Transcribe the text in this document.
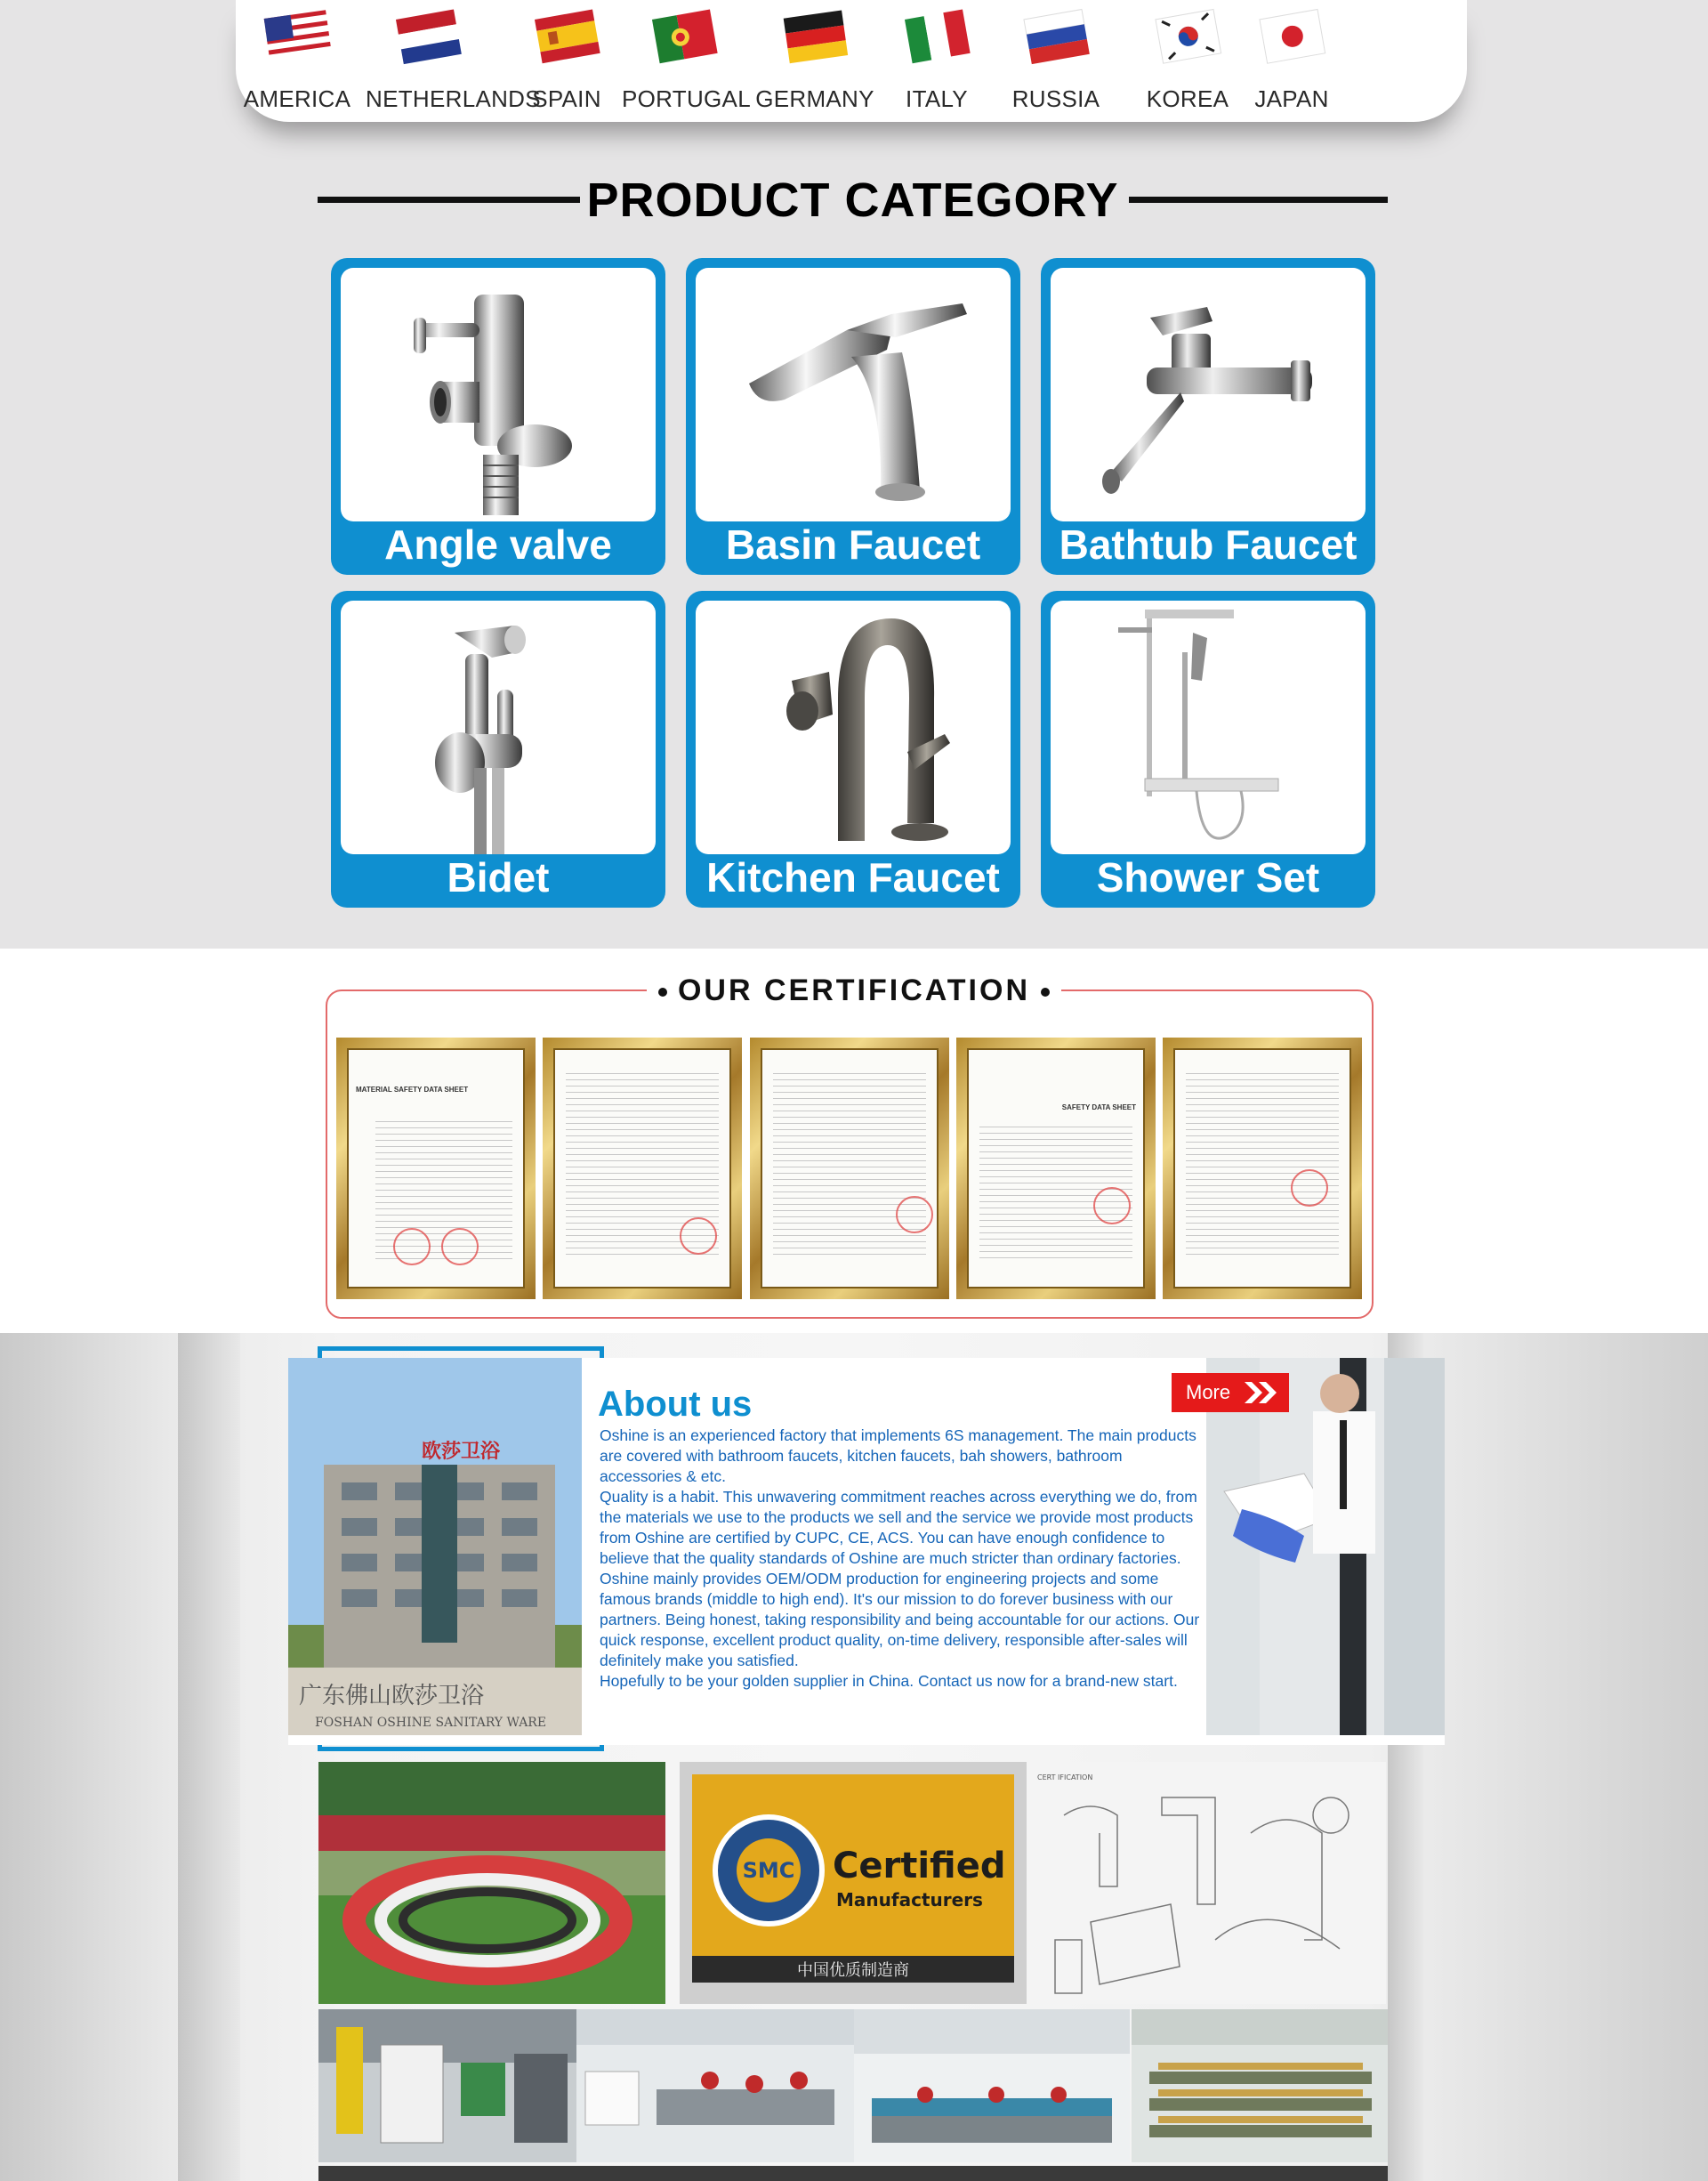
AMERICA NETHERLANDS
SPAIN PORTUGAL GERMANY	ITALY	RUSSIA	KOREA	JAPAN
PRODUCT CATEGORY
Angle valve	Basin Faucet	Bathtub Faucet
Bidet	Kitchen Faucet	Shower Set
OUR CERTIFICATION
MATERIAL SAFETY DATA SHEET
SAFETY DATA SHEET
欧莎卫浴
广东佛山欧莎卫浴
FOSHAN OSHINE SANITARY WARE
About us

Oshine is an experienced factory that implements 6S management. The main products are covered with bathroom faucets, kitchen faucets, bah showers, bathroom accessories & etc.

Quality is a habit. This unwavering commitment reaches across everything we do, from the materials we use to the products we sell and the service we provide most products from Oshine are certified by CUPC, CE, ACS. You can have enough confidence to believe that the quality standards of Oshine are much stricter than ordinary factories.

Oshine mainly provides OEM/ODM production for engineering projects and some famous brands (middle to high end). It's our mission to do forever business with our partners. Being honest, taking responsibility and being accountable for our actions. Our quick response, excellent product quality, on-time delivery, responsible after-sales will definitely make you satisfied.

Hopefully to be your golden supplier in China. Contact us now for a brand-new start.

More
SMC Certified
Manufacturers
中国优质制造商
CERT IFICATION
